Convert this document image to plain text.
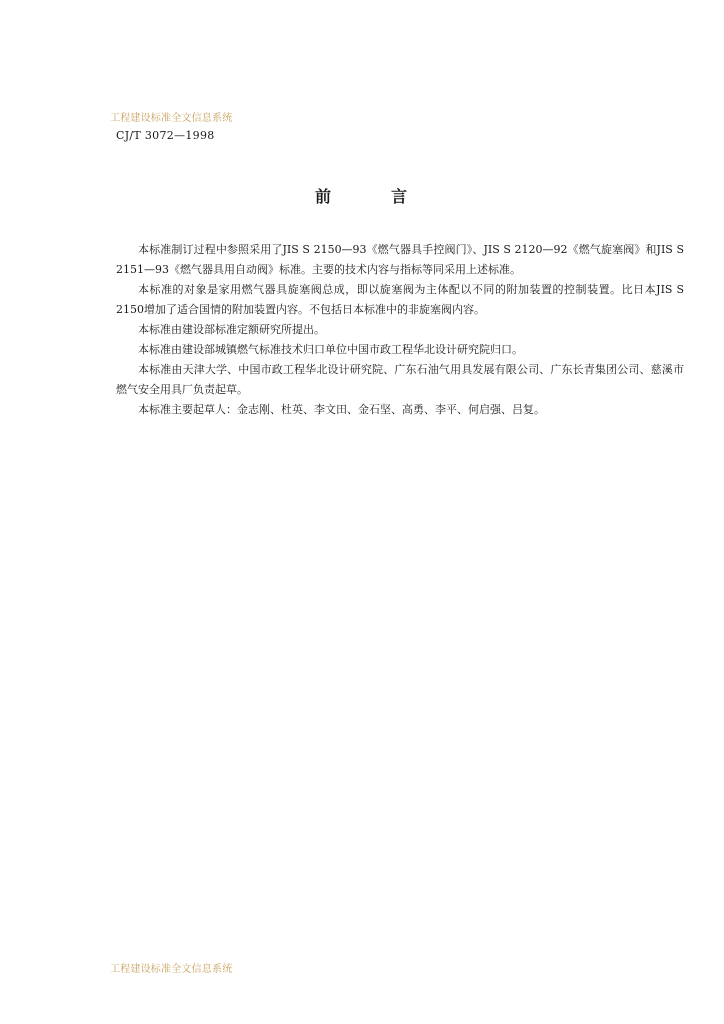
工程建设标准全文信息系统
CJ/T 3072—1998
前	言

本标准制订过程中参照采用了JIS S 2150—93《燃气器具手控阀门》、JIS S 2120—92《燃气旋塞阀》和JIS S 2151—93《燃气器具用自动阀》标准。主要的技术内容与指标等同采用上述标准。

本标准的对象是家用燃气器具旋塞阀总成，即以旋塞阀为主体配以不同的附加装置的控制装置。比日本JIS S 2150增加了适合国情的附加装置内容。不包括日本标准中的非旋塞阀内容。

本标准由建设部标准定额研究所提出。

本标准由建设部城镇燃气标准技术归口单位中国市政工程华北设计研究院归口。

本标准由天津大学、中国市政工程华北设计研究院、广东石油气用具发展有限公司、广东长青集团公司、慈溪市燃气安全用具厂负责起草。

本标准主要起草人：金志刚、杜英、李文田、金石坚、高勇、李平、何启强、吕复。

工程建设标准全文信息系统
